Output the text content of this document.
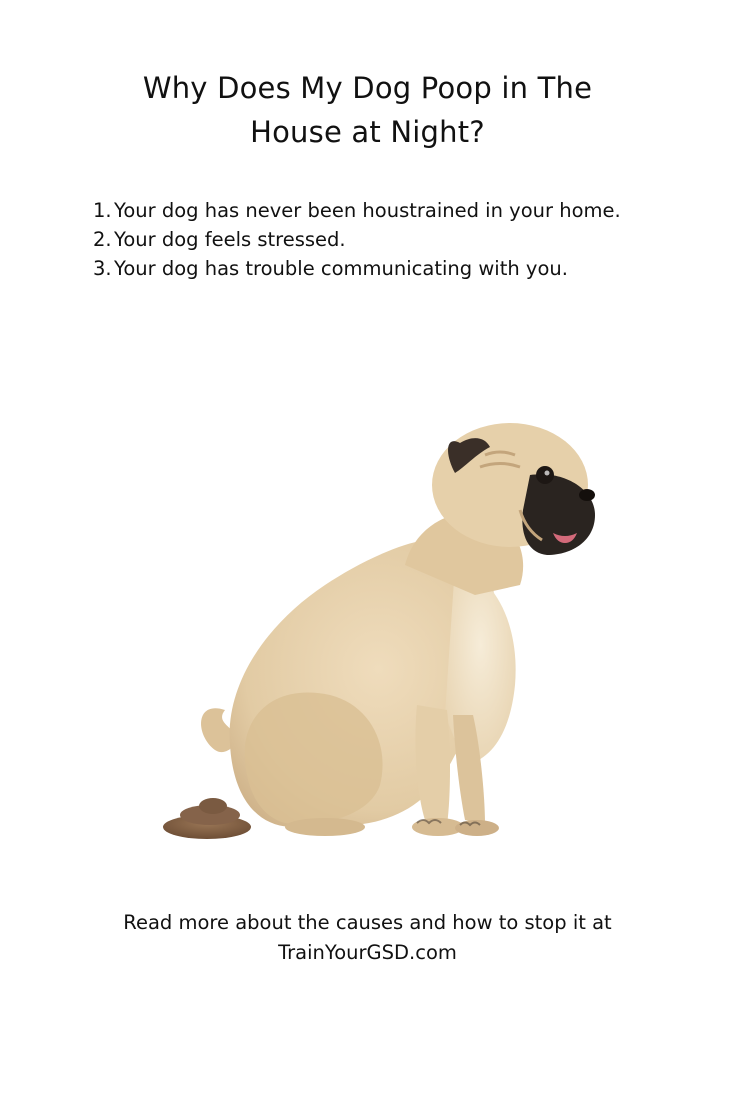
Why Does My Dog Poop in The
House at Night?
1. Your dog has never been houstrained in your home.
2. Your dog feels stressed.
3. Your dog has trouble communicating with you.
Read more about the causes and how to stop it at
TrainYourGSD.com
